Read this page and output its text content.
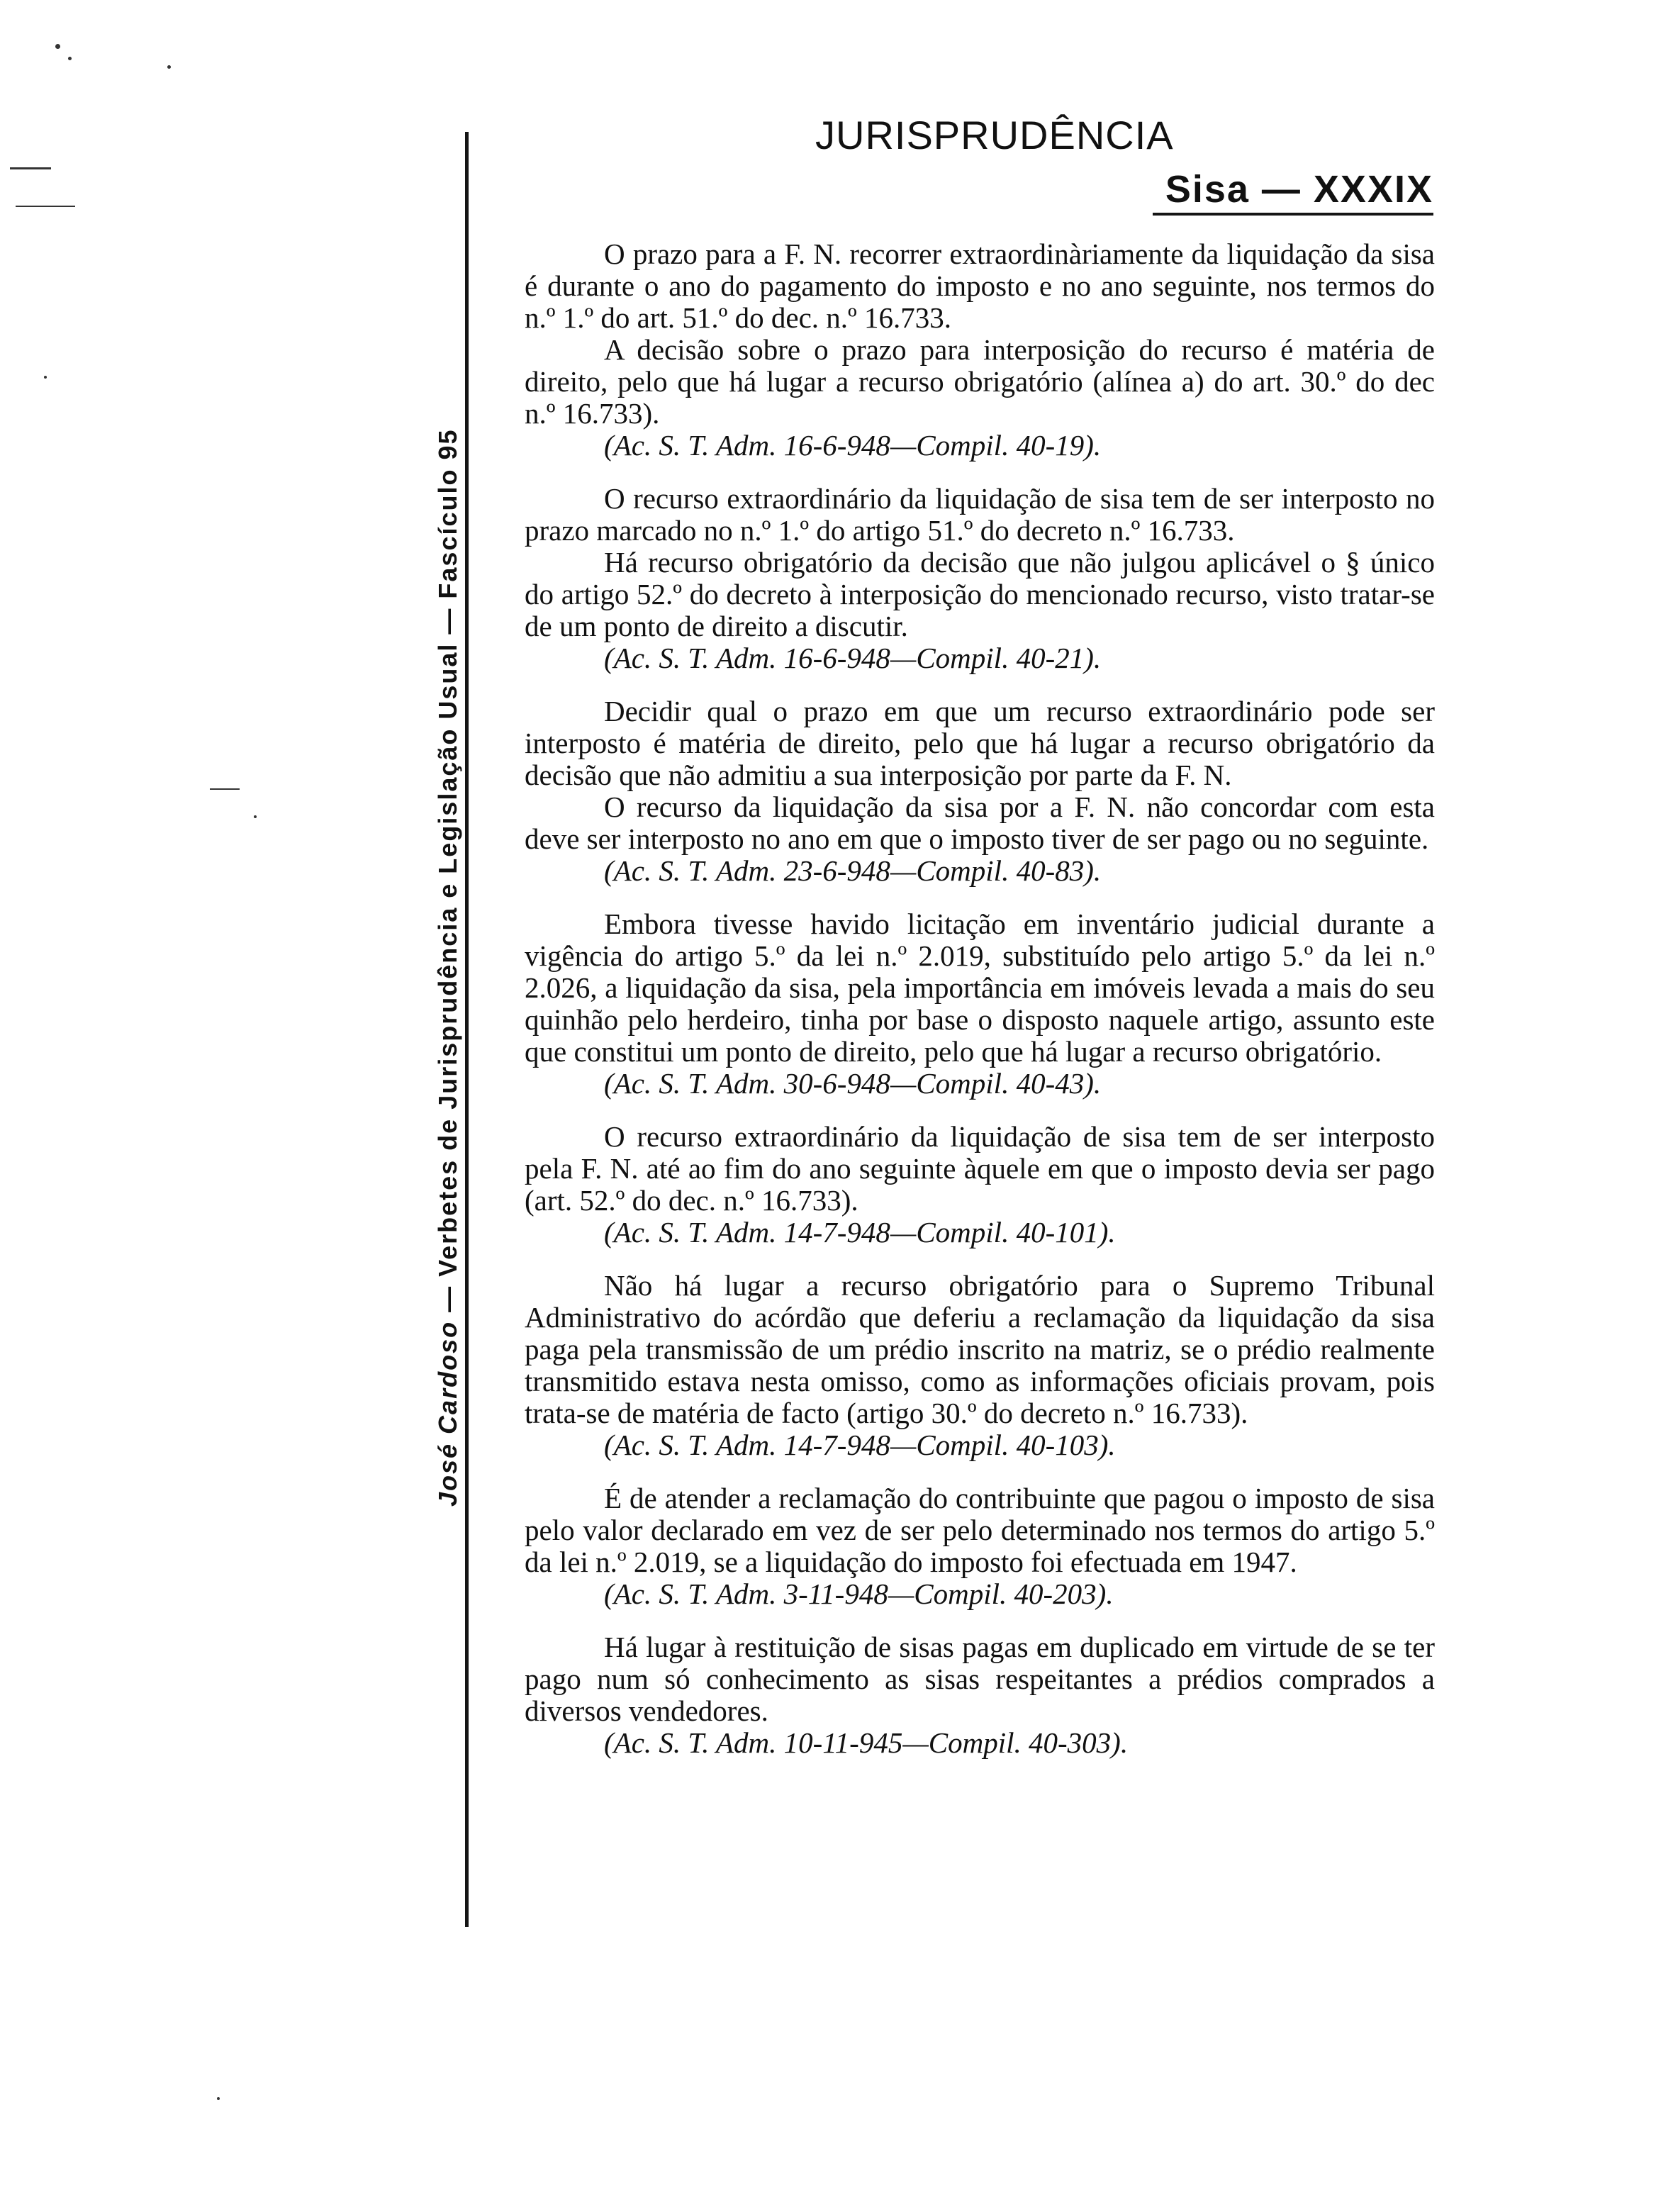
José Cardoso — Verbetes de Jurisprudência e Legislação Usual — Fascículo 95
JURISPRUDÊNCIA
Sisa — XXXIX

O prazo para a F. N. recorrer extraordinàriamente da liquidação da sisa é durante o ano do pagamento do imposto e no ano seguinte, nos termos do n.º 1.º do art. 51.º do dec. n.º 16.733.

A decisão sobre o prazo para interposição do recurso é matéria de direito, pelo que há lugar a recurso obrigatório (alínea a) do art. 30.º do dec n.º 16.733).

(Ac. S. T. Adm. 16-6-948—Compil. 40-19).

O recurso extraordinário da liquidação de sisa tem de ser interposto no prazo marcado no n.º 1.º do artigo 51.º do decreto n.º 16.733.

Há recurso obrigatório da decisão que não julgou aplicável o § único do artigo 52.º do decreto à interposição do mencionado recurso, visto tratar-se de um ponto de direito a discutir.

(Ac. S. T. Adm. 16-6-948—Compil. 40-21).

Decidir qual o prazo em que um recurso extraordinário pode ser interposto é matéria de direito, pelo que há lugar a recurso obrigatório da decisão que não admitiu a sua interposição por parte da F. N.

O recurso da liquidação da sisa por a F. N. não concordar com esta deve ser interposto no ano em que o imposto tiver de ser pago ou no seguinte.

(Ac. S. T. Adm. 23-6-948—Compil. 40-83).

Embora tivesse havido licitação em inventário judicial durante a vigência do artigo 5.º da lei n.º 2.019, substituído pelo artigo 5.º da lei n.º 2.026, a liquidação da sisa, pela importância em imóveis levada a mais do seu quinhão pelo herdeiro, tinha por base o disposto naquele artigo, assunto este que constitui um ponto de direito, pelo que há lugar a recurso obrigatório.

(Ac. S. T. Adm. 30-6-948—Compil. 40-43).

O recurso extraordinário da liquidação de sisa tem de ser interposto pela F. N. até ao fim do ano seguinte àquele em que o imposto devia ser pago (art. 52.º do dec. n.º 16.733).

(Ac. S. T. Adm. 14-7-948—Compil. 40-101).

Não há lugar a recurso obrigatório para o Supremo Tribunal Administrativo do acórdão que deferiu a reclamação da liquidação da sisa paga pela transmissão de um prédio inscrito na matriz, se o prédio realmente transmitido estava nesta omisso, como as informações oficiais provam, pois trata-se de matéria de facto (artigo 30.º do decreto n.º 16.733).

(Ac. S. T. Adm. 14-7-948—Compil. 40-103).

É de atender a reclamação do contribuinte que pagou o imposto de sisa pelo valor declarado em vez de ser pelo determinado nos termos do artigo 5.º da lei n.º 2.019, se a liquidação do imposto foi efectuada em 1947.

(Ac. S. T. Adm. 3-11-948—Compil. 40-203).

Há lugar à restituição de sisas pagas em duplicado em virtude de se ter pago num só conhecimento as sisas respeitantes a prédios comprados a diversos vendedores.

(Ac. S. T. Adm. 10-11-945—Compil. 40-303).
